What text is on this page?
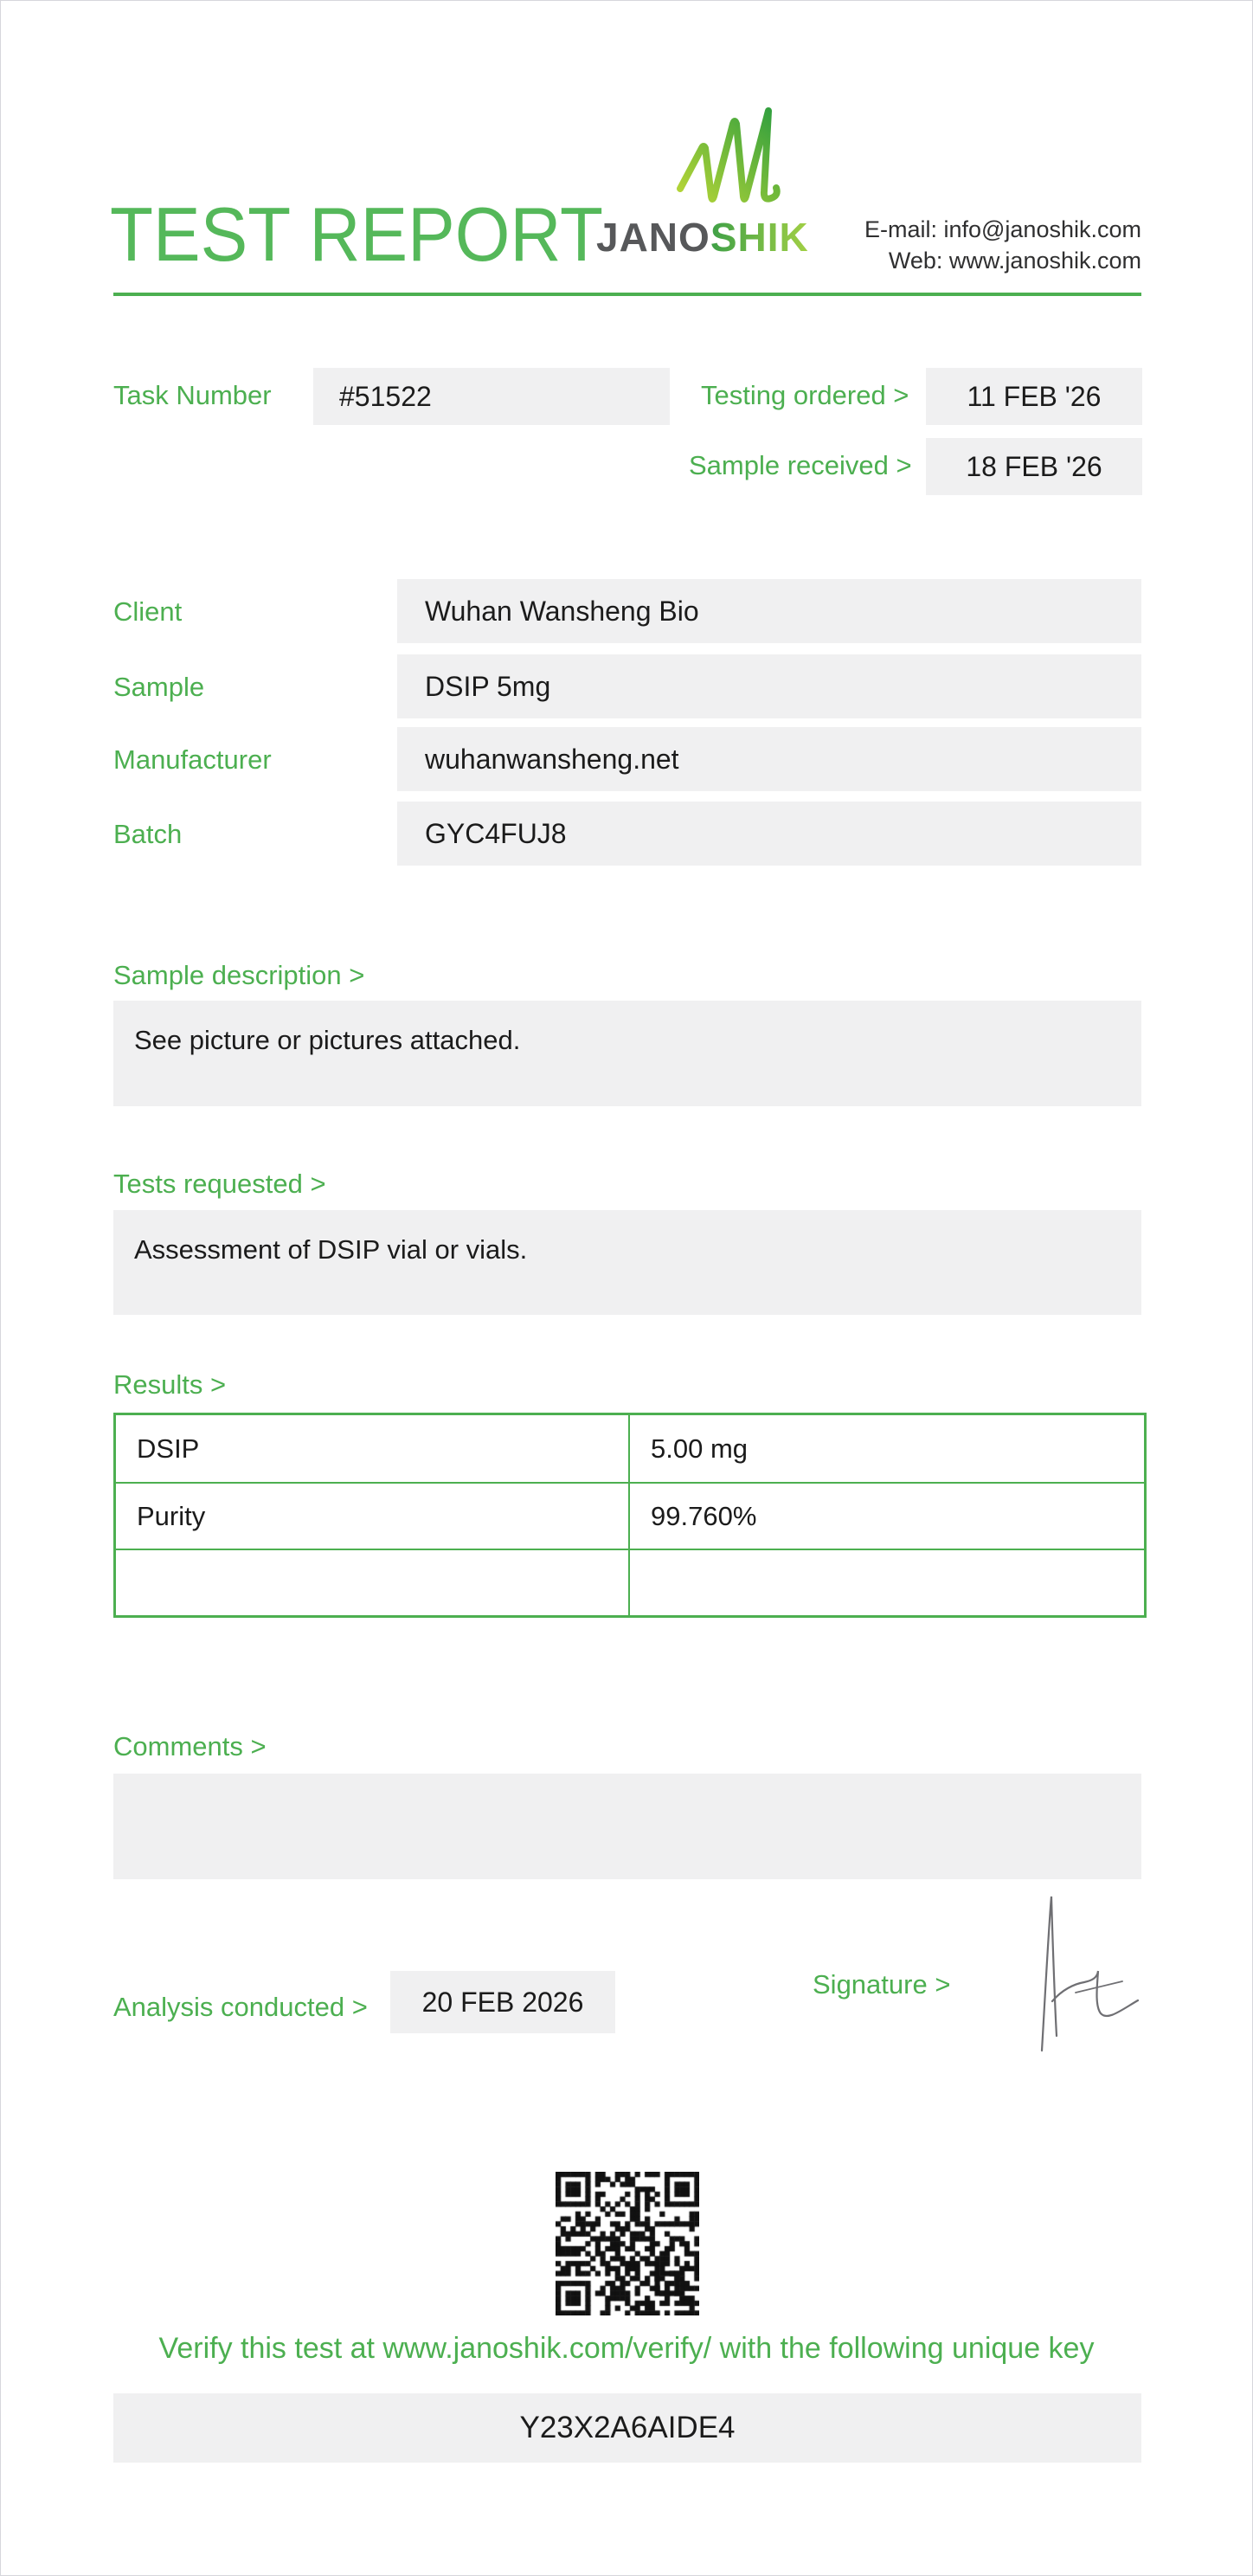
TEST REPORT
JANOSHIK E-mail: info@janoshik.com
Web: www.janoshik.com
Task Number	#51522	Testing ordered >	11 FEB '26
Sample received >	18 FEB '26
Client	Wuhan Wansheng Bio
Sample	DSIP 5mg
Manufacturer	wuhanwansheng.net
Batch	GYC4FUJ8
Sample description >
See picture or pictures attached.
Tests requested >
Assessment of DSIP vial or vials.
Results >
DSIP	5.00 mg
Purity	99.760%
Comments >
Analysis conducted >	20 FEB 2026
Signature >
Verify this test at www.janoshik.com/verify/ with the following unique key
Y23X2A6AIDE4
